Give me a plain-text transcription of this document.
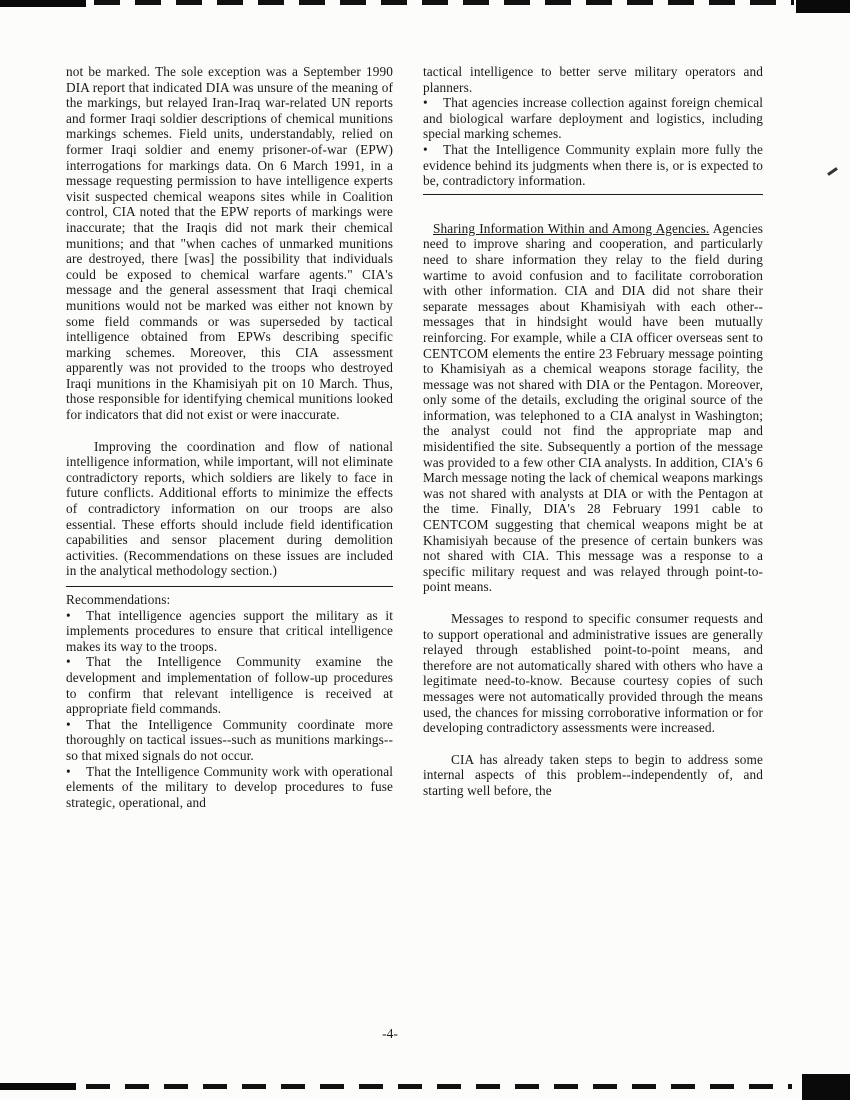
not be marked. The sole exception was a September 1990 DIA report that indicated DIA was unsure of the meaning of the markings, but relayed Iran-Iraq war-related UN reports and former Iraqi soldier descriptions of chemical munitions markings schemes. Field units, understandably, relied on former Iraqi soldier and enemy prisoner-of-war (EPW) interrogations for markings data. On 6 March 1991, in a message requesting permission to have intelligence experts visit suspected chemical weapons sites while in Coalition control, CIA noted that the EPW reports of markings were inaccurate; that the Iraqis did not mark their chemical munitions; and that "when caches of unmarked munitions are destroyed, there [was] the possibility that individuals could be exposed to chemical warfare agents." CIA's message and the general assessment that Iraqi chemical munitions would not be marked was either not known by some field commands or was superseded by tactical intelligence obtained from EPWs describing specific marking schemes. Moreover, this CIA assessment apparently was not provided to the troops who destroyed Iraqi munitions in the Khamisiyah pit on 10 March. Thus, those responsible for identifying chemical munitions looked for indicators that did not exist or were inaccurate.

Improving the coordination and flow of national intelligence information, while important, will not eliminate contradictory reports, which soldiers are likely to face in future conflicts. Additional efforts to minimize the effects of contradictory information on our troops are also essential. These efforts should include field identification capabilities and sensor placement during demolition activities. (Recommendations on these issues are included in the analytical methodology section.)

Recommendations:

• That intelligence agencies support the military as it implements procedures to ensure that critical intelligence makes its way to the troops.

• That the Intelligence Community examine the development and implementation of follow-up procedures to confirm that relevant intelligence is received at appropriate field commands.

• That the Intelligence Community coordinate more thoroughly on tactical issues--such as munitions markings--so that mixed signals do not occur.

• That the Intelligence Community work with operational elements of the military to develop procedures to fuse strategic, operational, and

tactical intelligence to better serve military operators and planners.

• That agencies increase collection against foreign chemical and biological warfare deployment and logistics, including special marking schemes.

• That the Intelligence Community explain more fully the evidence behind its judgments when there is, or is expected to be, contradictory information.

Sharing Information Within and Among Agencies. Agencies need to improve sharing and cooperation, and particularly need to share information they relay to the field during wartime to avoid confusion and to facilitate corroboration with other information. CIA and DIA did not share their separate messages about Khamisiyah with each other--messages that in hindsight would have been mutually reinforcing. For example, while a CIA officer overseas sent to CENTCOM elements the entire 23 February message pointing to Khamisiyah as a chemical weapons storage facility, the message was not shared with DIA or the Pentagon. Moreover, only some of the details, excluding the original source of the information, was telephoned to a CIA analyst in Washington; the analyst could not find the appropriate map and misidentified the site. Subsequently a portion of the message was provided to a few other CIA analysts. In addition, CIA's 6 March message noting the lack of chemical weapons markings was not shared with analysts at DIA or with the Pentagon at the time. Finally, DIA's 28 February 1991 cable to CENTCOM suggesting that chemical weapons might be at Khamisiyah because of the presence of certain bunkers was not shared with CIA. This message was a response to a specific military request and was relayed through point-to-point means.

Messages to respond to specific consumer requests and to support operational and administrative issues are generally relayed through established point-to-point means, and therefore are not automatically shared with others who have a legitimate need-to-know. Because courtesy copies of such messages were not automatically provided through the means used, the chances for missing corroborative information or for developing contradictory assessments were increased.

CIA has already taken steps to begin to address some internal aspects of this problem--independently of, and starting well before, the

-4-
